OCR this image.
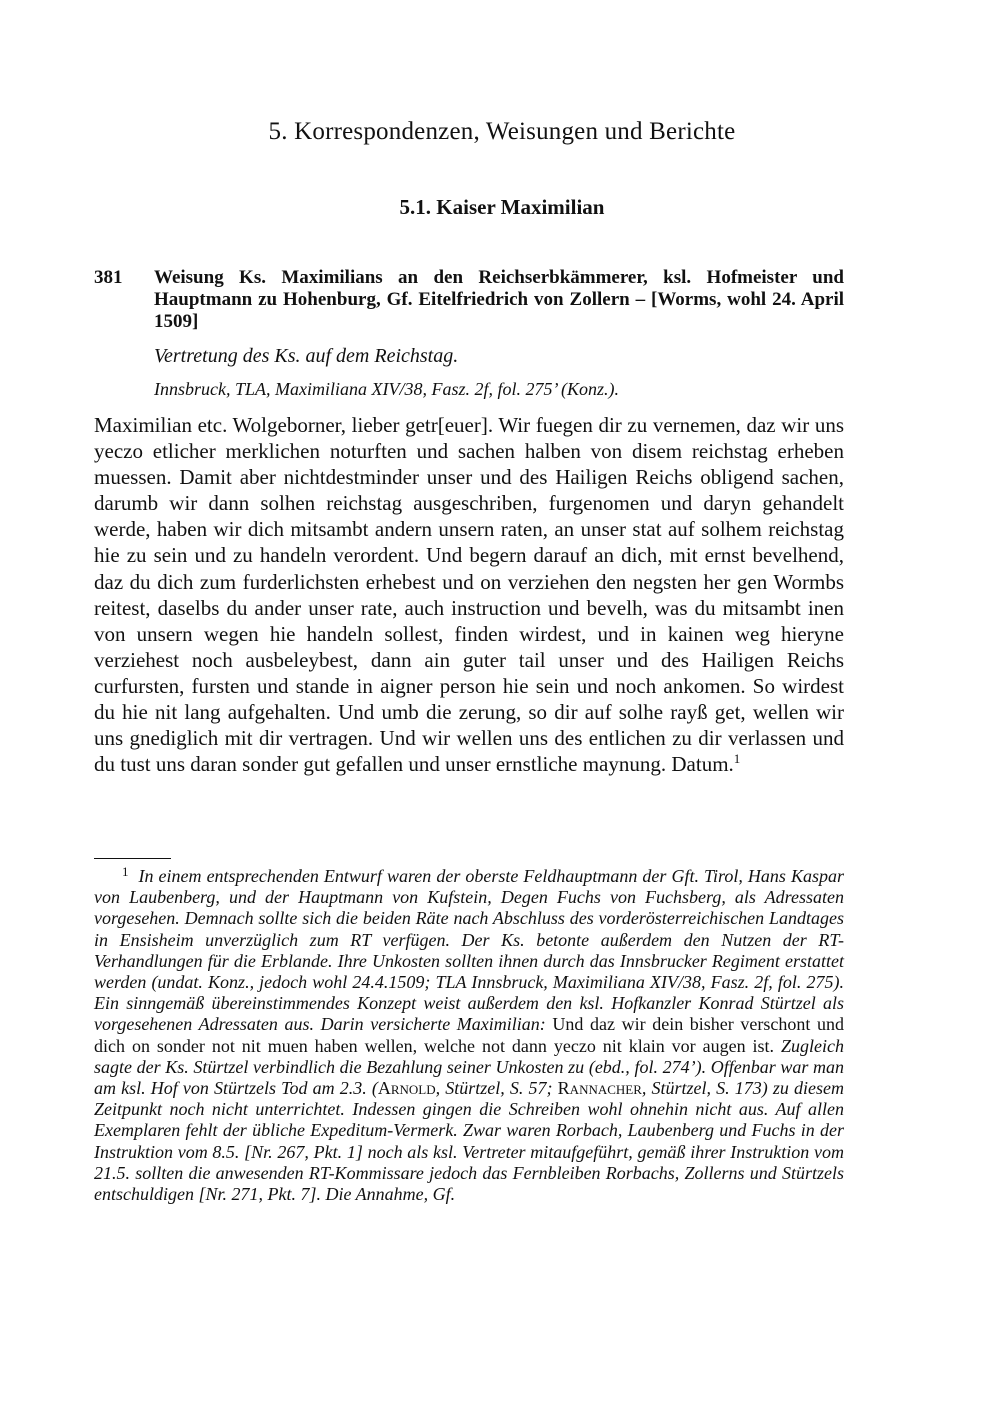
5. Korrespondenzen, Weisungen und Berichte
5.1. Kaiser Maximilian
381 Weisung Ks. Maximilians an den Reichserbkämmerer, ksl. Hofmeister und Hauptmann zu Hohenburg, Gf. Eitelfriedrich von Zollern – [Worms, wohl 24. April 1509]
Vertretung des Ks. auf dem Reichstag.
Innsbruck, TLA, Maximiliana XIV/38, Fasz. 2f, fol. 275’ (Konz.).

Maximilian etc. Wolgeborner, lieber getr[euer]. Wir fuegen dir zu vernemen, daz wir uns yeczo etlicher merklichen noturften und sachen halben von disem reichstag erheben muessen. Damit aber nichtdestminder unser und des Hailigen Reichs obligend sachen, darumb wir dann solhen reichstag ausgeschriben, furgenomen und daryn gehandelt werde, haben wir dich mitsambt andern unsern raten, an unser stat auf solhem reichstag hie zu sein und zu handeln verordent. Und begern darauf an dich, mit ernst bevelhend, daz du dich zum furderlichsten erhebest und on verziehen den negsten her gen Wormbs reitest, daselbs du ander unser rate, auch instruction und bevelh, was du mitsambt inen von unsern wegen hie handeln sollest, finden wirdest, und in kainen weg hieryne verziehest noch ausbeleybest, dann ain guter tail unser und des Hailigen Reichs curfursten, fursten und stande in aigner person hie sein und noch ankomen. So wirdest du hie nit lang aufgehalten. Und umb die zerung, so dir auf solhe rayß get, wellen wir uns gnediglich mit dir vertragen. Und wir wellen uns des entlichen zu dir verlassen und du tust uns daran sonder gut gefallen und unser ernstliche maynung. Datum.$^1$

$^1$ In einem entsprechenden Entwurf waren der oberste Feldhauptmann der Gft. Tirol, Hans Kaspar von Laubenberg, und der Hauptmann von Kufstein, Degen Fuchs von Fuchsberg, als Adressaten vorgesehen. Demnach sollte sich die beiden Räte nach Abschluss des vorderösterreichischen Landtages in Ensisheim unverzüglich zum RT verfügen. Der Ks. betonte außerdem den Nutzen der RT-Verhandlungen für die Erblande. Ihre Unkosten sollten ihnen durch das Innsbrucker Regiment erstattet werden (undat. Konz., jedoch wohl 24.4.1509; TLA Innsbruck, Maximiliana XIV/38, Fasz. 2f, fol. 275). Ein sinngemäß übereinstimmendes Konzept weist außerdem den ksl. Hofkanzler Konrad Stürtzel als vorgesehenen Adressaten aus. Darin versicherte Maximilian: Und daz wir dein bisher verschont und dich on sonder not nit muen haben wellen, welche not dann yeczo nit klain vor augen ist. Zugleich sagte der Ks. Stürtzel verbindlich die Bezahlung seiner Unkosten zu (ebd., fol. 274’). Offenbar war man am ksl. Hof von Stürtzels Tod am 2.3. (Arnold, Stürtzel, S. 57; Rannacher, Stürtzel, S. 173) zu diesem Zeitpunkt noch nicht unterrichtet. Indessen gingen die Schreiben wohl ohnehin nicht aus. Auf allen Exemplaren fehlt der übliche Expeditum-Vermerk. Zwar waren Rorbach, Laubenberg und Fuchs in der Instruktion vom 8.5. [Nr. 267, Pkt. 1] noch als ksl. Vertreter mitaufgeführt, gemäß ihrer Instruktion vom 21.5. sollten die anwesenden RT-Kommissare jedoch das Fernbleiben Rorbachs, Zollerns und Stürtzels entschuldigen [Nr. 271, Pkt. 7]. Die Annahme, Gf.
